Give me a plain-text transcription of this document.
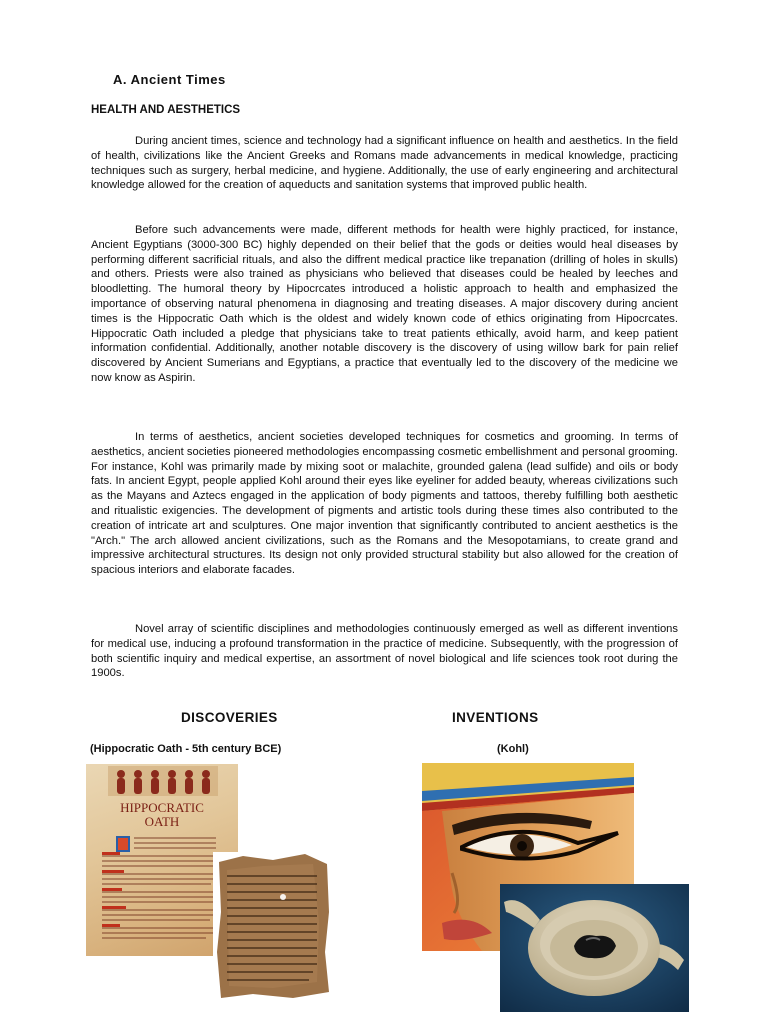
A. Ancient Times
HEALTH AND AESTHETICS

During ancient times, science and technology had a significant influence on health and aesthetics. In the field of health, civilizations like the Ancient Greeks and Romans made advancements in medical knowledge, practicing techniques such as surgery, herbal medicine, and hygiene. Additionally, the use of early engineering and architectural knowledge allowed for the creation of aqueducts and sanitation systems that improved public health.

Before such advancements were made, different methods for health were highly practiced, for instance, Ancient Egyptians (3000-300 BC) highly depended on their belief that the gods or deities would heal diseases by performing different sacrificial rituals, and also the diffrent medical practice like trepanation (drilling of holes in skulls) and others. Priests were also trained as physicians who believed that diseases could be healed by leeches and bloodletting. The humoral theory by Hipocrcates introduced a holistic approach to health and emphasized the importance of observing natural phenomena in diagnosing and treating diseases. A major discovery during ancient times is the Hippocratic Oath which is the oldest and widely known code of ethics originating from Hipocrcates. Hippocratic Oath included a pledge that physicians take to treat patients ethically, avoid harm, and keep patient information confidential. Additionally, another notable discovery is the discovery of using willow bark for pain relief discovered by Ancient Sumerians and Egyptians, a practice that eventually led to the discovery of the medicine we now know as Aspirin.

In terms of aesthetics, ancient societies developed techniques for cosmetics and grooming. In terms of aesthetics, ancient societies pioneered methodologies encompassing cosmetic embellishment and personal grooming. For instance, Kohl was primarily made by mixing soot or malachite, grounded galena (lead sulfide) and oils or body fats. In ancient Egypt, people applied Kohl around their eyes like eyeliner for added beauty, whereas civilizations such as the Mayans and Aztecs engaged in the application of body pigments and tattoos, thereby fulfilling both aesthetic and ritualistic exigencies. The development of pigments and artistic tools during these times also contributed to the creation of intricate art and sculptures. One major invention that significantly contributed to ancient aesthetics is the "Arch." The arch allowed ancient civilizations, such as the Romans and the Mesopotamians, to create grand and impressive architectural structures. Its design not only provided structural stability but also allowed for the creation of spacious interiors and elaborate facades.

Novel array of scientific disciplines and methodologies continuously emerged as well as different inventions for medical use, inducing a profound transformation in the practice of medicine. Subsequently, with the progression of both scientific inquiry and medical expertise, an assortment of novel biological and life sciences took root during the 1900s.

DISCOVERIES	INVENTIONS

(Hippocratic Oath - 5th century BCE)	(Kohl)

HIPPOCRATIC
OATH
